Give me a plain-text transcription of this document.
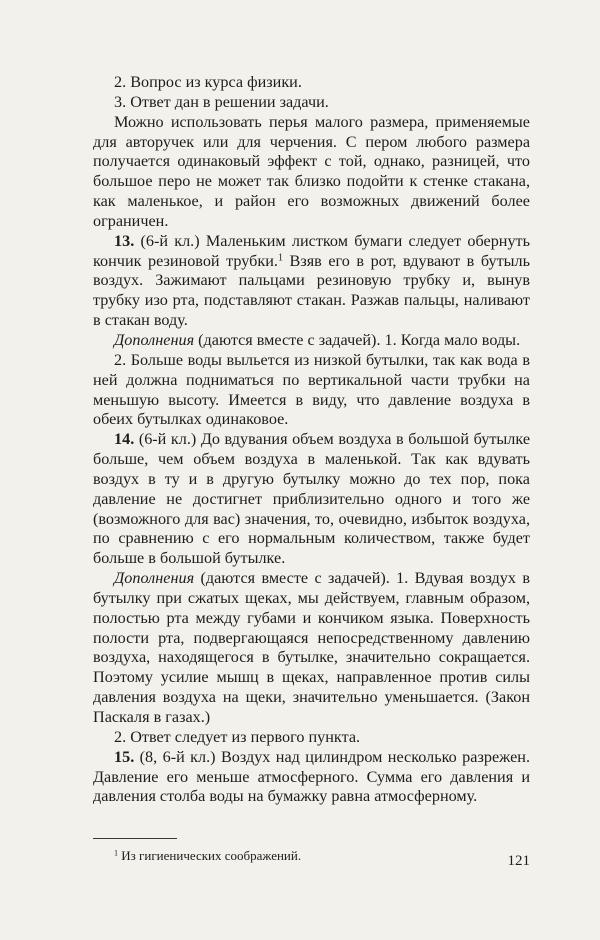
2. Вопрос из курса физики.

3. Ответ дан в решении задачи.

Можно использовать перья малого размера, применяемые для авторучек или для черчения. С пером любого размера получается одинаковый эффект с той, однако, разницей, что большое перо не может так близко подойти к стенке стакана, как маленькое, и район его возможных движений более ограничен.

13. (6-й кл.) Маленьким листком бумаги следует обернуть кончик резиновой трубки.$^1$ Взяв его в рот, вдувают в бутыль воздух. Зажимают пальцами резиновую трубку и, вынув трубку изо рта, подставляют стакан. Разжав пальцы, наливают в стакан воду.

Дополнения (даются вместе с задачей). 1. Когда мало воды.

2. Больше воды выльется из низкой бутылки, так как вода в ней должна подниматься по вертикальной части трубки на меньшую высоту. Имеется в виду, что давление воздуха в обеих бутылках одинаковое.

14. (6-й кл.) До вдувания объем воздуха в большой бутылке больше, чем объем воздуха в маленькой. Так как вдувать воздух в ту и в другую бутылку можно до тех пор, пока давление не достигнет приблизительно одного и того же (возможного для вас) значения, то, очевидно, избыток воздуха, по сравнению с его нормальным количеством, также будет больше в большой бутылке.

Дополнения (даются вместе с задачей). 1. Вдувая воздух в бутылку при сжатых щеках, мы действуем, главным образом, полостью рта между губами и кончиком языка. Поверхность полости рта, подвергающаяся непосредственному давлению воздуха, находящегося в бутылке, значительно сокращается. Поэтому усилие мышц в щеках, направленное против силы давления воздуха на щеки, значительно уменьшается. (Закон Паскаля в газах.)

2. Ответ следует из первого пункта.

15. (8, 6-й кл.) Воздух над цилиндром несколько разрежен. Давление его меньше атмосферного. Сумма его давления и давления столба воды на бумажку равна атмосферному.

$^1$ Из гигиенических соображений.	121
